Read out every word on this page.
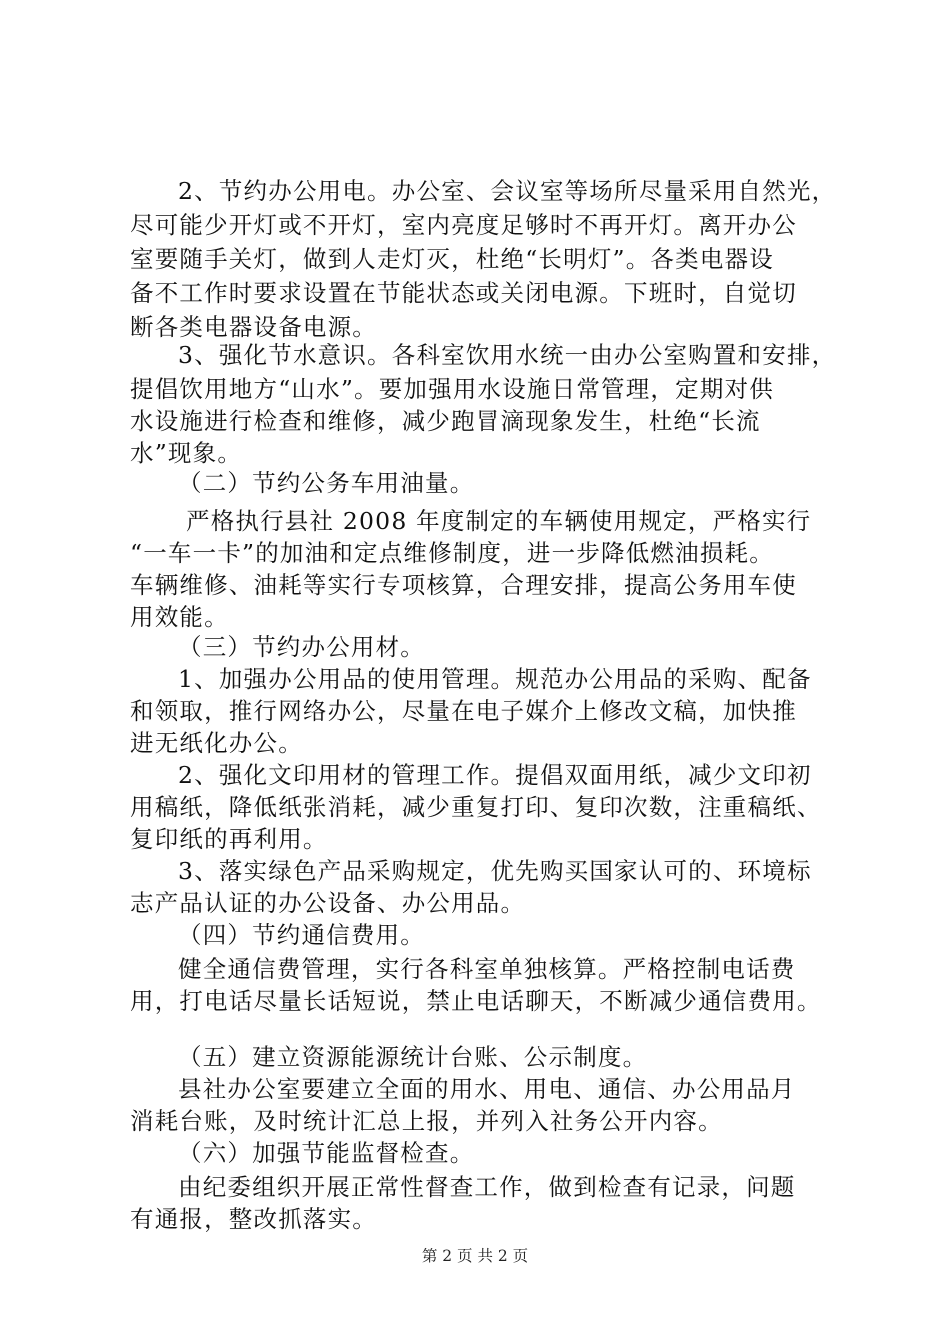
2、节约办公用电。办公室、会议室等场所尽量采用自然光，
尽可能少开灯或不开灯，室内亮度足够时不再开灯。离开办公
室要随手关灯，做到人走灯灭，杜绝“长明灯”。各类电器设
备不工作时要求设置在节能状态或关闭电源。下班时，自觉切
断各类电器设备电源。
3、强化节水意识。各科室饮用水统一由办公室购置和安排，
提倡饮用地方“山水”。要加强用水设施日常管理，定期对供
水设施进行检查和维修，减少跑冒滴现象发生，杜绝“长流
水”现象。
（二）节约公务车用油量。
严格执行县社 2008 年度制定的车辆使用规定，严格实行
“一车一卡”的加油和定点维修制度，进一步降低燃油损耗。
车辆维修、油耗等实行专项核算，合理安排，提高公务用车使
用效能。
（三）节约办公用材。
1、加强办公用品的使用管理。规范办公用品的采购、配备
和领取，推行网络办公，尽量在电子媒介上修改文稿，加快推
进无纸化办公。
2、强化文印用材的管理工作。提倡双面用纸，减少文印初
用稿纸，降低纸张消耗，减少重复打印、复印次数，注重稿纸、
复印纸的再利用。
3、落实绿色产品采购规定，优先购买国家认可的、环境标
志产品认证的办公设备、办公用品。
（四）节约通信费用。
健全通信费管理，实行各科室单独核算。严格控制电话费
用，打电话尽量长话短说，禁止电话聊天，不断减少通信费用。
（五）建立资源能源统计台账、公示制度。
县社办公室要建立全面的用水、用电、通信、办公用品月
消耗台账，及时统计汇总上报，并列入社务公开内容。
（六）加强节能监督检查。
由纪委组织开展正常性督查工作，做到检查有记录，问题
有通报，整改抓落实。
第 2 页 共 2 页
